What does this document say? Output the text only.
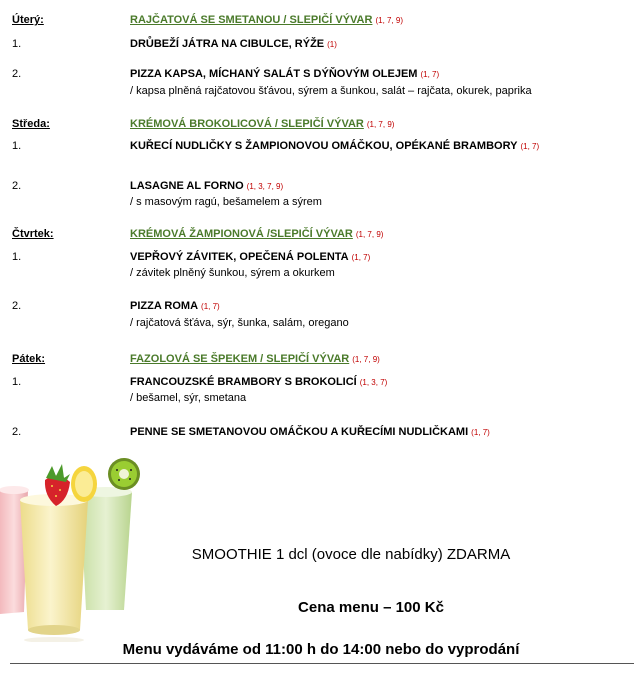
Úterý:	RAJČATOVÁ SE SMETANOU / SLEPIČÍ VÝVAR (1, 7, 9)
1.	DRŮBEŽÍ JÁTRA NA CIBULCE, RÝŽE (1)
2.	PIZZA KAPSA, MÍCHANÝ SALÁT S DÝŇOVÝM OLEJEM (1, 7)
/ kapsa plněná rajčatovou šťávou, sýrem a šunkou, salát – rajčata, okurek, paprika
Středa:	KRÉMOVÁ BROKOLICOVÁ / SLEPIČÍ VÝVAR (1, 7, 9)
1.	KUŘECÍ NUDLIČKY S ŽAMPIONOVOU OMÁČKOU, OPÉKANÉ BRAMBORY (1, 7)
2.	LASAGNE AL FORNO (1, 3, 7, 9)
/ s masovým ragú, bešamelem a sýrem
Čtvrtek:	KRÉMOVÁ ŽAMPIONOVÁ /SLEPIČÍ VÝVAR (1, 7, 9)
1.	VEPŘOVÝ ZÁVITEK, OPEČENÁ POLENTA (1, 7)
/ závitek plněný šunkou, sýrem a okurkem
2.	PIZZA ROMA (1, 7)
/ rajčatová šťáva, sýr, šunka, salám, oregano
Pátek:	FAZOLOVÁ SE ŠPEKEM / SLEPIČÍ VÝVAR (1, 7, 9)
1.	FRANCOUZSKÉ BRAMBORY S BROKOLICÍ (1, 3, 7)
/ bešamel, sýr, smetana
2.	PENNE SE SMETANOVOU OMÁČKOU A KUŘECÍMI NUDLIČKAMI (1, 7)
SMOOTHIE 1 dcl (ovoce dle nabídky) ZDARMA
Cena menu – 100 Kč
Menu vydáváme od 11:00 h do 14:00 nebo do vyprodání
